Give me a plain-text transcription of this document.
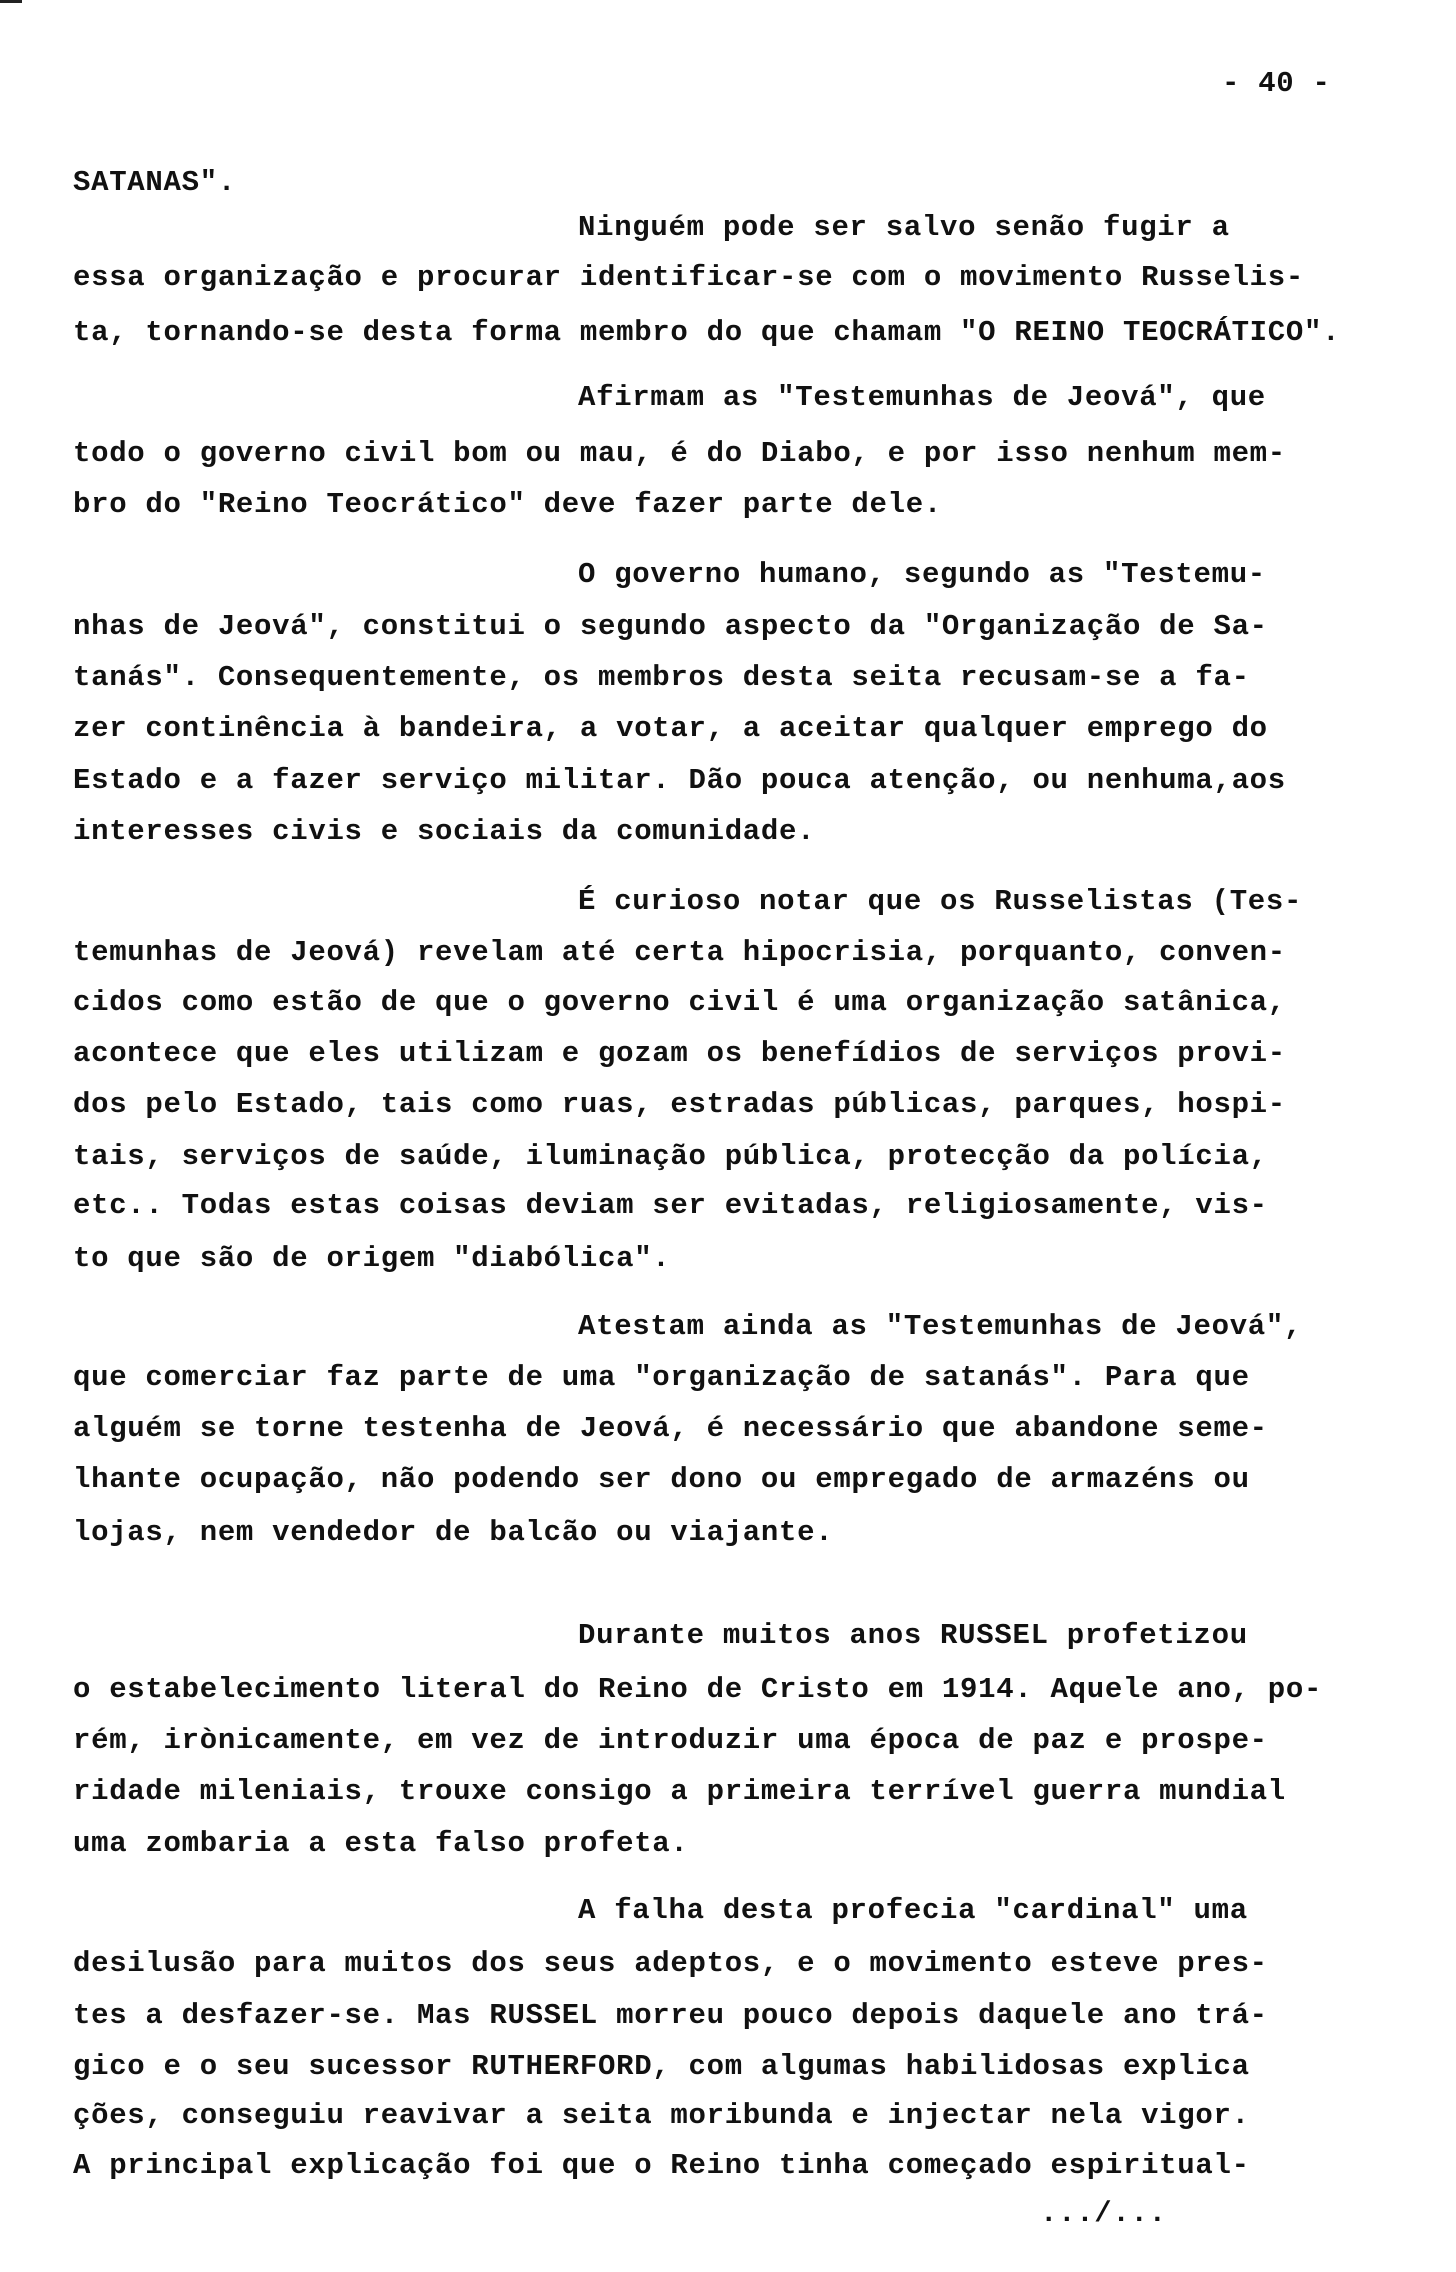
- 40 -
SATANAS".
Ninguém pode ser salvo senão fugir a
essa organização e procurar identificar-se com o movimento Russelis-
ta, tornando-se desta forma membro do que chamam "O REINO TEOCRÁTICO".
Afirmam as "Testemunhas de Jeová", que
todo o governo civil bom ou mau, é do Diabo, e por isso nenhum mem-
bro do "Reino Teocrático" deve fazer parte dele.
O governo humano, segundo as "Testemu-
nhas de Jeová", constitui o segundo aspecto da "Organização de Sa-
tanás". Consequentemente, os membros desta seita recusam-se a fa-
zer continência à bandeira, a votar, a aceitar qualquer emprego do
Estado e a fazer serviço militar. Dão pouca atenção, ou nenhuma,aos
interesses civis e sociais da comunidade.
É curioso notar que os Russelistas (Tes-
temunhas de Jeová) revelam até certa hipocrisia, porquanto, conven-
cidos como estão de que o governo civil é uma organização satânica,
acontece que eles utilizam e gozam os benefídios de serviços provi-
dos pelo Estado, tais como ruas, estradas públicas, parques, hospi-
tais, serviços de saúde, iluminação pública, protecção da polícia,
etc.. Todas estas coisas deviam ser evitadas, religiosamente, vis-
to que são de origem "diabólica".
Atestam ainda as "Testemunhas de Jeová",
que comerciar faz parte de uma "organização de satanás". Para que
alguém se torne testenha de Jeová, é necessário que abandone seme-
lhante ocupação, não podendo ser dono ou empregado de armazéns ou
lojas, nem vendedor de balcão ou viajante.
Durante muitos anos RUSSEL profetizou
o estabelecimento literal do Reino de Cristo em 1914. Aquele ano, po-
rém, irònicamente, em vez de introduzir uma época de paz e prospe-
ridade mileniais, trouxe consigo a primeira terrível guerra mundial
uma zombaria a esta falso profeta.
A falha desta profecia "cardinal" uma
desilusão para muitos dos seus adeptos, e o movimento esteve pres-
tes a desfazer-se. Mas RUSSEL morreu pouco depois daquele ano trá-
gico e o seu sucessor RUTHERFORD, com algumas habilidosas explica
ções, conseguiu reavivar a seita moribunda e injectar nela vigor.
A principal explicação foi que o Reino tinha começado espiritual-
.../...
